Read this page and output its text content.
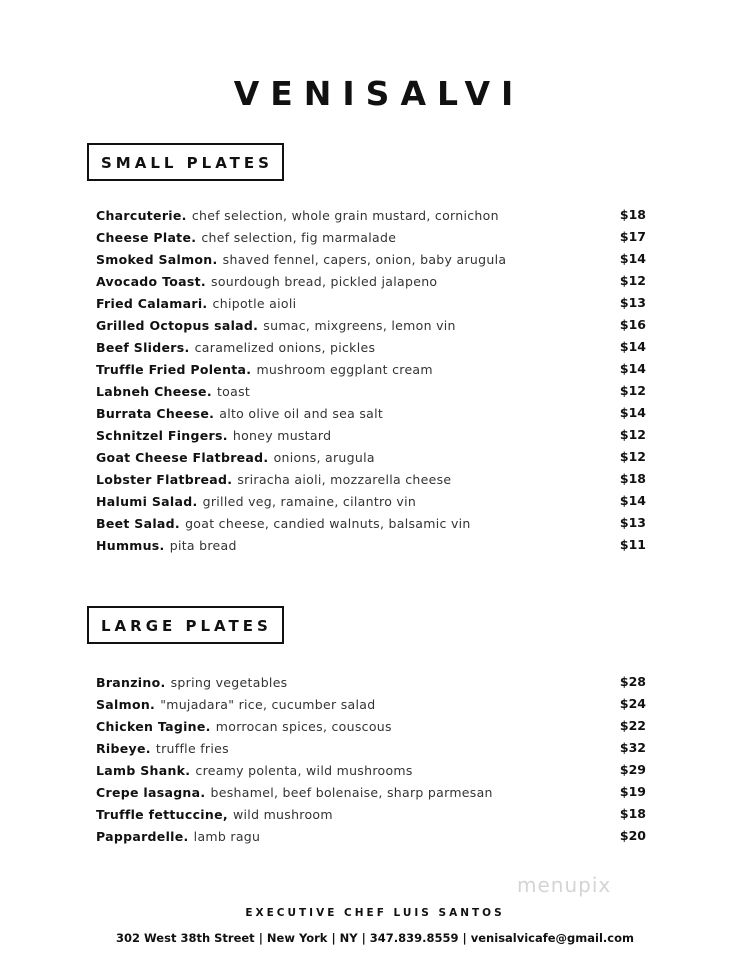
VENISALVI
SMALL PLATES
Charcuterie. chef selection, whole grain mustard, cornichon	$18
Cheese Plate. chef selection, fig marmalade	$17
Smoked Salmon. shaved fennel, capers, onion, baby arugula	$14
Avocado Toast. sourdough bread, pickled jalapeno	$12
Fried Calamari. chipotle aioli	$13
Grilled Octopus salad. sumac, mixgreens, lemon vin	$16
Beef Sliders. caramelized onions, pickles	$14
Truffle Fried Polenta. mushroom eggplant cream	$14
Labneh Cheese. toast	$12
Burrata Cheese. alto olive oil and sea salt	$14
Schnitzel Fingers. honey mustard	$12
Goat Cheese Flatbread. onions, arugula	$12
Lobster Flatbread. sriracha aioli, mozzarella cheese	$18
Halumi Salad. grilled veg, ramaine, cilantro vin	$14
Beet Salad. goat cheese, candied walnuts, balsamic vin	$13
Hummus. pita bread	$11
LARGE PLATES
Branzino. spring vegetables	$28
Salmon. "mujadara" rice, cucumber salad	$24
Chicken Tagine. morrocan spices, couscous	$22
Ribeye. truffle fries	$32
Lamb Shank. creamy polenta, wild mushrooms	$29
Crepe lasagna. beshamel, beef bolenaise, sharp parmesan	$19
Truffle fettuccine, wild mushroom	$18
Pappardelle. lamb ragu	$20
menupix
EXECUTIVE CHEF LUIS SANTOS
302 West 38th Street | New York | NY | 347.839.8559 | venisalvicafe@gmail.com
